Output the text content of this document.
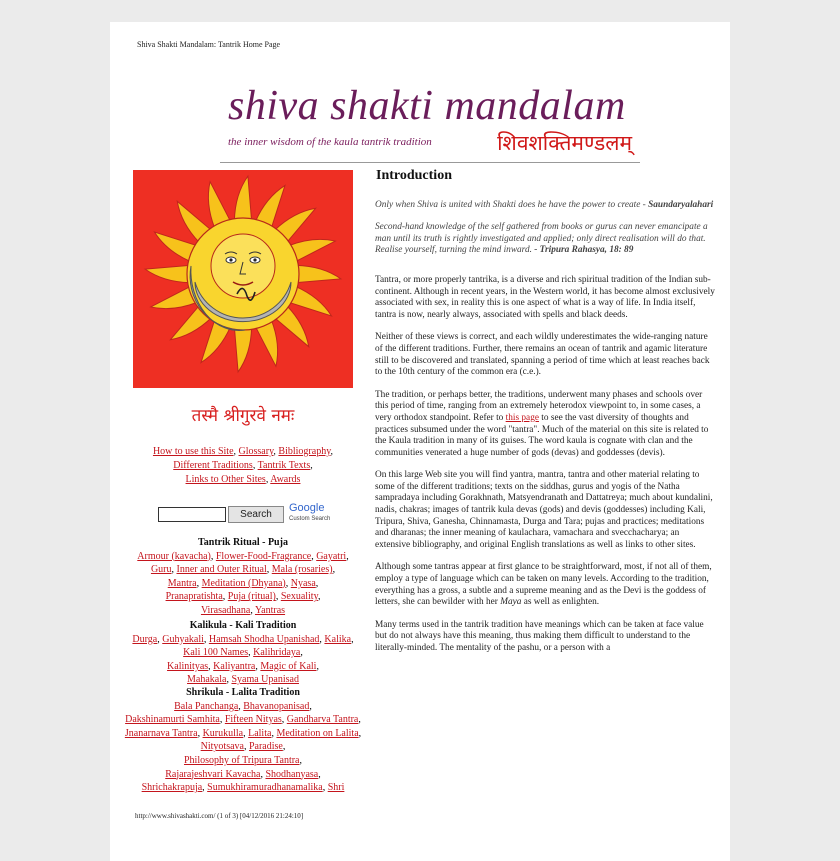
Shiva Shakti Mandalam: Tantrik Home Page
shiva shakti mandalam
the inner wisdom of the kaula tantrik tradition	शिवशक्तिमण्डलम्
तस्मै श्रीगुरवे नमः
How to use this Site, Glossary, Bibliography,
Different Traditions, Tantrik Texts,
Links to Other Sites, Awards
Search
Google
Custom Search
Tantrik Ritual - Puja
Armour (kavacha), Flower-Food-Fragrance, Gayatri,
Guru, Inner and Outer Ritual, Mala (rosaries),
Mantra, Meditation (Dhyana), Nyasa,
Pranapratishta, Puja (ritual), Sexuality,
Virasadhana, Yantras
Kalikula - Kali Tradition
Durga, Guhyakali, Hamsah Shodha Upanishad, Kalika,
Kali 100 Names, Kalihridaya,
Kalinityas, Kaliyantra, Magic of Kali,
Mahakala, Syama Upanisad
Shrikula - Lalita Tradition
Bala Panchanga, Bhavanopanisad,
Dakshinamurti Samhita, Fifteen Nityas, Gandharva Tantra,
Jnanarnava Tantra, Kurukulla, Lalita, Meditation on Lalita,
Nityotsava, Paradise,
Philosophy of Tripura Tantra,
Rajarajeshvari Kavacha, Shodhanyasa,
Shrichakrapuja, Sumukhiramuradhanamalika, Shri
Introduction

Only when Shiva is united with Shakti does he have the power to create - Saundaryalahari

Second-hand knowledge of the self gathered from books or gurus can never emancipate a man until its truth is rightly investigated and applied; only direct realisation will do that. Realise yourself, turning the mind inward. - Tripura Rahasya, 18: 89

Tantra, or more properly tantrika, is a diverse and rich spiritual tradition of the Indian sub-continent. Although in recent years, in the Western world, it has become almost exclusively associated with sex, in reality this is one aspect of what is a way of life. In India itself, tantra is now, nearly always, associated with spells and black deeds.

Neither of these views is correct, and each wildly underestimates the wide-ranging nature of the different traditions. Further, there remains an ocean of tantrik and agamic literature still to be discovered and translated, spanning a period of time which at least reaches back to the 10th century of the common era (c.e.).

The tradition, or perhaps better, the traditions, underwent many phases and schools over this period of time, ranging from an extremely heterodox viewpoint to, in some cases, a very orthodox standpoint. Refer to this page to see the vast diversity of thoughts and practices subsumed under the word "tantra". Much of the material on this site is related to the Kaula tradition in many of its guises. The word kaula is cognate with clan and the communities venerated a huge number of gods (devas) and goddesses (devis).

On this large Web site you will find yantra, mantra, tantra and other material relating to some of the different traditions; texts on the siddhas, gurus and yogis of the Natha sampradaya including Gorakhnath, Matsyendranath and Dattatreya; much about kundalini, nadis, chakras; images of tantrik kula devas (gods) and devis (goddesses) including Kali, Tripura, Shiva, Ganesha, Chinnamasta, Durga and Tara; pujas and practices; meditations and dharanas; the inner meaning of kaulachara, vamachara and svecchacharya; an extensive bibliography, and original English translations as well as links to other sites.

Although some tantras appear at first glance to be straightforward, most, if not all of them, employ a type of language which can be taken on many levels. According to the tradition, everything has a gross, a subtle and a supreme meaning and as the Devi is the goddess of letters, she can bewilder with her Maya as well as enlighten.

Many terms used in the tantrik tradition have meanings which can be taken at face value but do not always have this meaning, thus making them difficult to understand to the literally-minded. The mentality of the pashu, or a person with a

http://www.shivashakti.com/ (1 of 3) [04/12/2016 21:24:10]
